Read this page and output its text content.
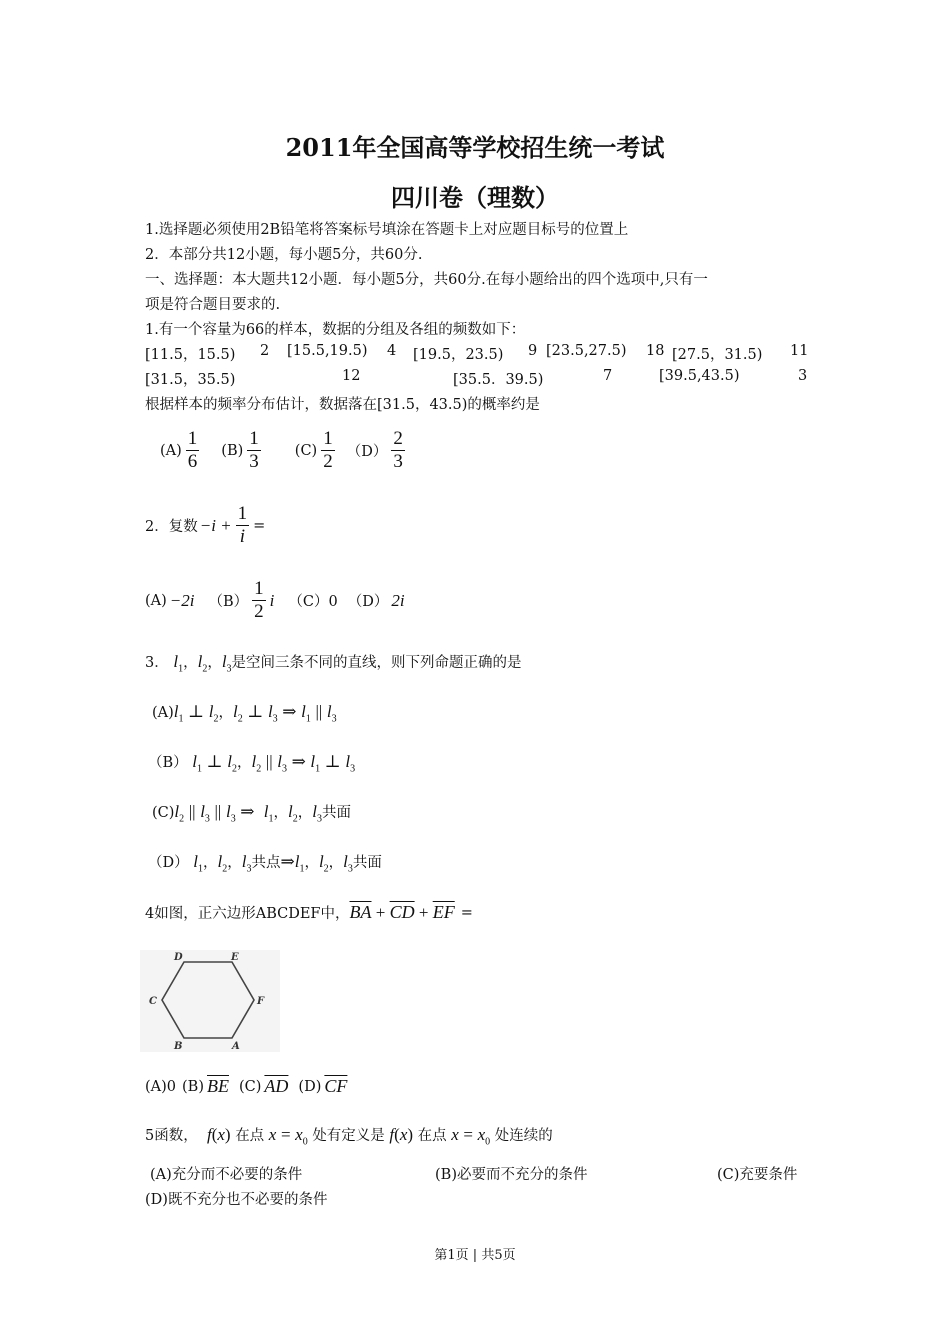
2011年全国高等学校招生统一考试
四川卷（理数）
1.选择题必须使用2B铅笔将答案标号填涂在答题卡上对应题目标号的位置上
2．本部分共12小题，每小题5分，共60分.
一、选择题：本大题共12小题．每小题5分，共60分.在每小题给出的四个选项中,只有一
项是符合题目要求的.
1.有一个容量为66的样本，数据的分组及各组的频数如下：
[11.5，15.5) 2 [15.5,19.5) 4 [19.5，23.5) 9 [23.5,27.5) 18 [27.5，31.5) 11
[31.5，35.5)	12	[35.5．39.5)	7	[39.5,43.5)	3
根据样本的频率分布估计，数据落在[31.5，43.5)的概率约是
$(A) \frac{1}{6} (B) \frac{1}{3} (C) \frac{1}{2} (D) \frac{2}{3}$
2．复数 $-i + \frac{1}{i}$ =
(A) −2i $(B) \frac{1}{2}$ i （C）0 （D） 2i
3． $l_1$，$l_2$，$l_3$是空间三条不同的直线，则下列命题正确的是
$(A)l_1$ ⊥ $l_2$，$l_2$ ⊥ $l_3$ ⇒ $l_1$ || $l_3$
（B） $l_1$ ⊥ $l_2$，$l_2$ || $l_3$ ⇒ $l_1$ ⊥ $l_3$
$(C)l_2$ || $l_3$ || $l_3$ ⇒ $l_1$，$l_2$，$l_3$共面
（D） $l_1$，$l_2$，$l_3$共点$\Rightarrow l_1$，$l_2$，$l_3$共面
4如图，正六边形ABCDEF中， $\overline{BA} + \overline{CD} + \overline{EF}$ =
D	E
F
A
B
C
(A)0 (B) $\overline{BE}$ (C) $\overline{AD}$ (D) $\overline{CF}$
5函数， f(x) 在点 $x = x_0$ 处有定义是 f(x) 在点 $x = x_0$ 处连续的
(A)充分而不必要的条件	(B)必要而不充分的条件	(C)充要条件
(D)既不充分也不必要的条件
第1页 | 共5页
